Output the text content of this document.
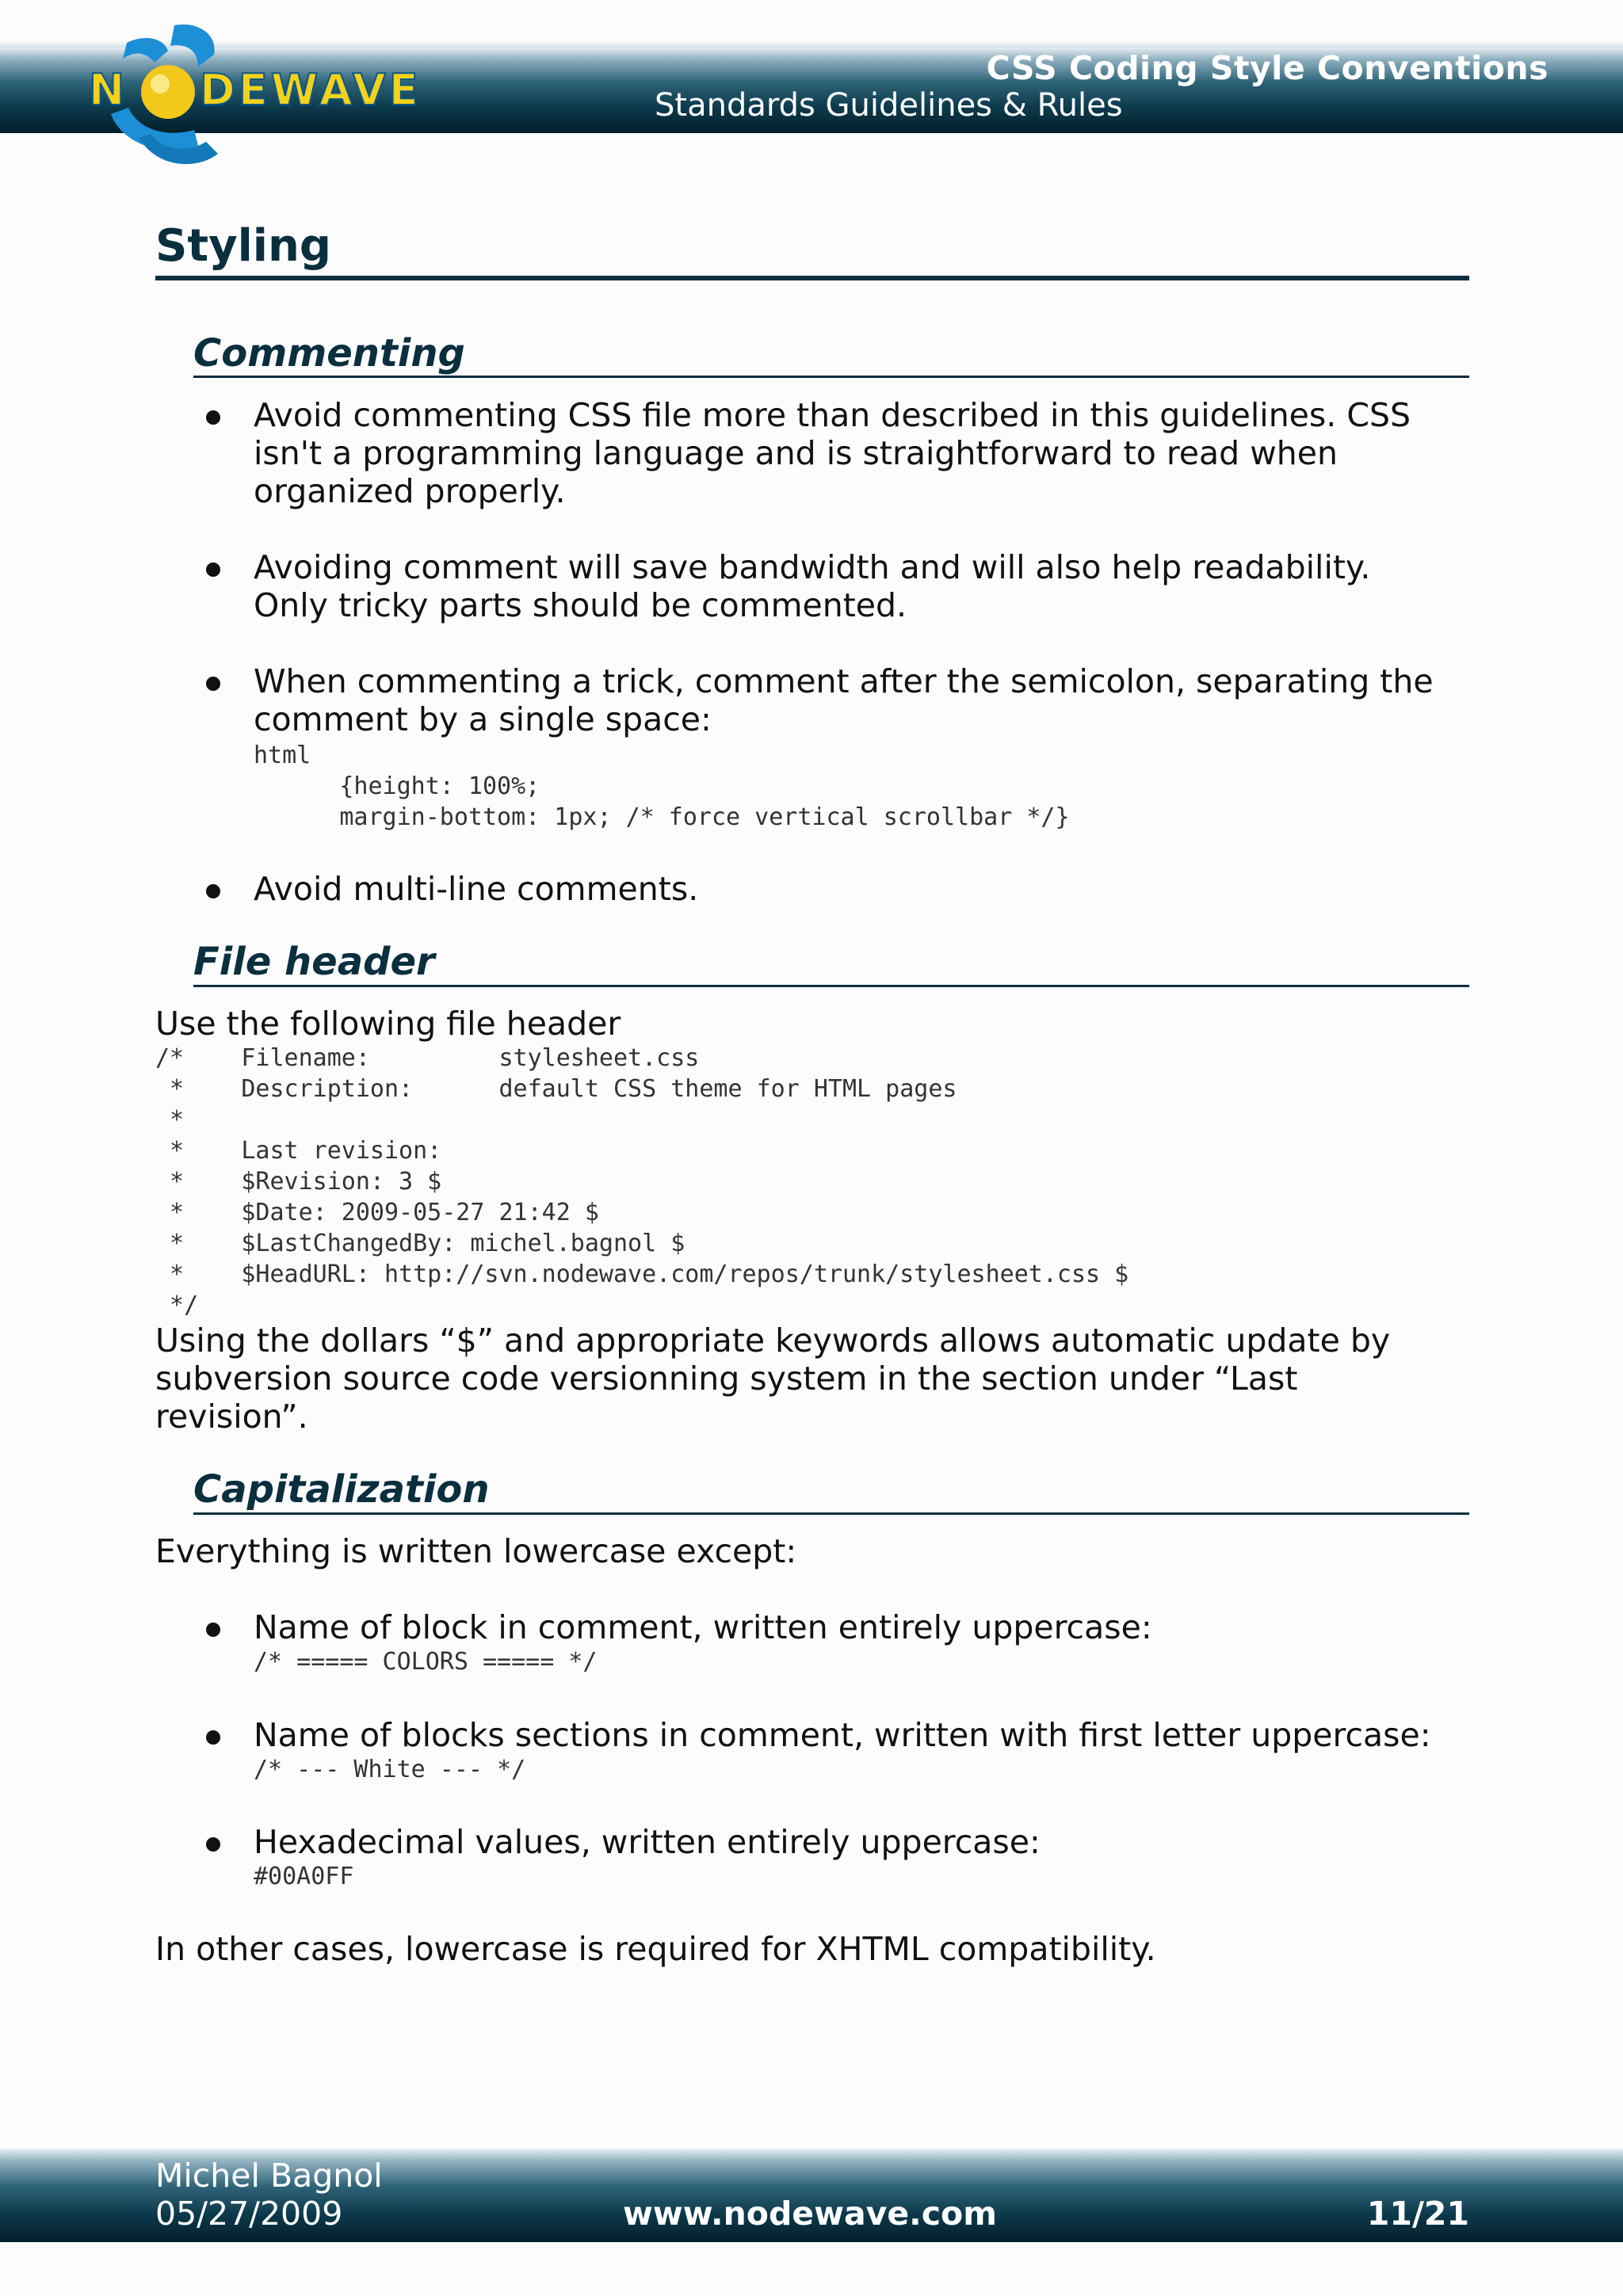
N DEWAVE	CSS Coding Style Conventions
Standards Guidelines & Rules
Styling
Commenting
Avoid commenting CSS file more than described in this guidelines. CSS
isn't a programming language and is straightforward to read when
organized properly.
Avoiding comment will save bandwidth and will also help readability.
Only tricky parts should be commented.
When commenting a trick, comment after the semicolon, separating the
comment by a single space:
html
{height: 100%;
margin-bottom: 1px; /* force vertical scrollbar */}
Avoid multi-line comments.
File header
Use the following file header
/*    Filename:         stylesheet.css
*    Description:      default CSS theme for HTML pages
*
*    Last revision:
*    $Revision: 3 $
*    $Date: 2009-05-27 21:42 $
*    $LastChangedBy: michel.bagnol $
*    $HeadURL: http://svn.nodewave.com/repos/trunk/stylesheet.css $
*/
Using the dollars “$” and appropriate keywords allows automatic update by
subversion source code versionning system in the section under “Last
revision”.
Capitalization
Everything is written lowercase except:
Name of block in comment, written entirely uppercase:
/* ===== COLORS ===== */
Name of blocks sections in comment, written with first letter uppercase:
/* --- White --- */
Hexadecimal values, written entirely uppercase:
#00A0FF
In other cases, lowercase is required for XHTML compatibility.
Michel Bagnol
05/27/2009	www.nodewave.com	11/21
